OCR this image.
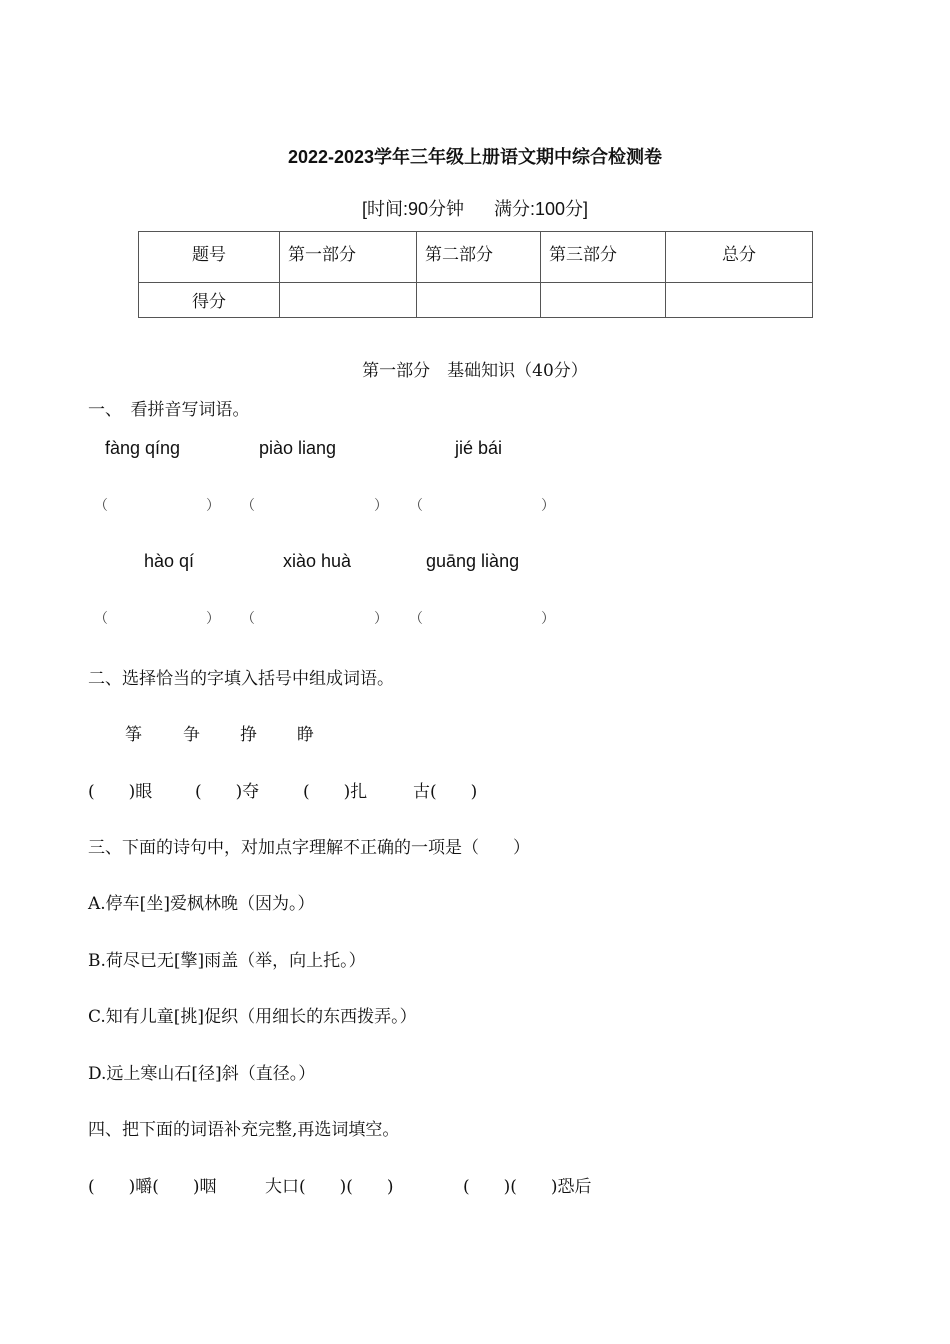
2022-2023学年三年级上册语文期中综合检测卷
[时间:90分钟 满分:100分]
题号	第一部分	第二部分	第三部分	总分
得分				
第一部分　基础知识（40分）
一、　看拼音写词语。
fàng qíng	piào liang	jié bái
（	） （	） （	）
hào qí	xiào huà	guāng liàng
（	） （	） （	）
二、选择恰当的字填入括号中组成词语。
筝 争 挣 睁
(　　)眼	(　　)夺	(　　)扎	古(　　)
三、下面的诗句中，对加点字理解不正确的一项是（　　）
A.停车[坐]爱枫林晚（因为。）
B.荷尽已无[擎]雨盖（举，向上托。）
C.知有儿童[挑]促织（用细长的东西拨弄。）
D.远上寒山石[径]斜（直径。）
四、把下面的词语补充完整,再选词填空。
(　　)嚼(　　)咽	大口(　　)(　　)	(　　)(　　)恐后
